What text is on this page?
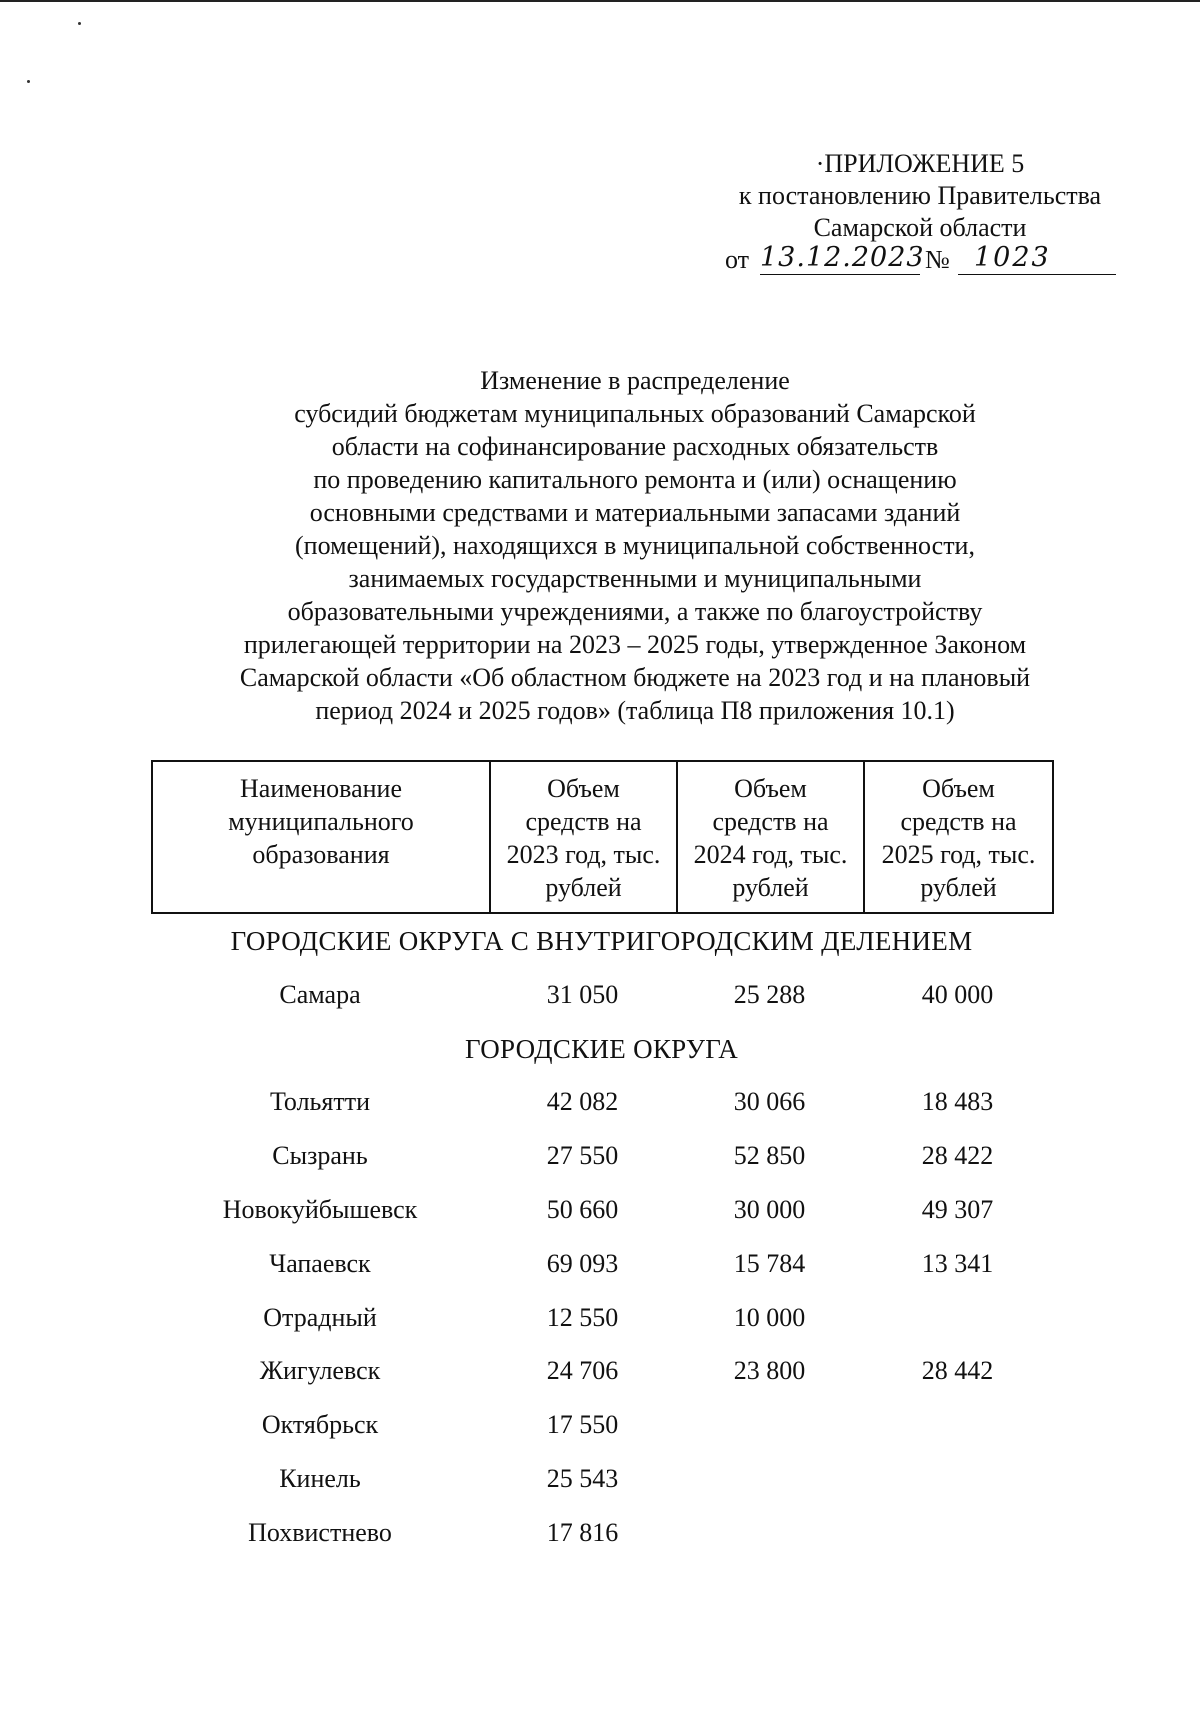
·ПРИЛОЖЕНИЕ 5
к постановлению Правительства
Самарской области
от 13.12.2023 № 1023
Изменение в распределение
субсидий бюджетам муниципальных образований Самарской
области на софинансирование расходных обязательств
по проведению капитального ремонта и (или) оснащению
основными средствами и материальными запасами зданий
(помещений), находящихся в муниципальной собственности,
занимаемых государственными и муниципальными
образовательными учреждениями, а также по благоустройству
прилегающей территории на 2023 – 2025 годы, утвержденное Законом
Самарской области «Об областном бюджете на 2023 год и на плановый
период 2024 и 2025 годов» (таблица П8 приложения 10.1)
Наименование
муниципального
образования

Объем
средств на
2023 год, тыс.
рублей

Объем
средств на
2024 год, тыс.
рублей

Объем
средств на
2025 год, тыс.
рублей
ГОРОДСКИЕ ОКРУГА С ВНУТРИГОРОДСКИМ ДЕЛЕНИЕМ
Самара	31 050	25 288	40 000
ГОРОДСКИЕ ОКРУГА
Тольятти	42 082	30 066	18 483
Сызрань	27 550	52 850	28 422
Новокуйбышевск	50 660	30 000	49 307
Чапаевск	69 093	15 784	13 341
Отрадный	12 550	10 000
Жигулевск	24 706	23 800	28 442
Октябрьск	17 550
Кинель	25 543
Похвистнево	17 816
